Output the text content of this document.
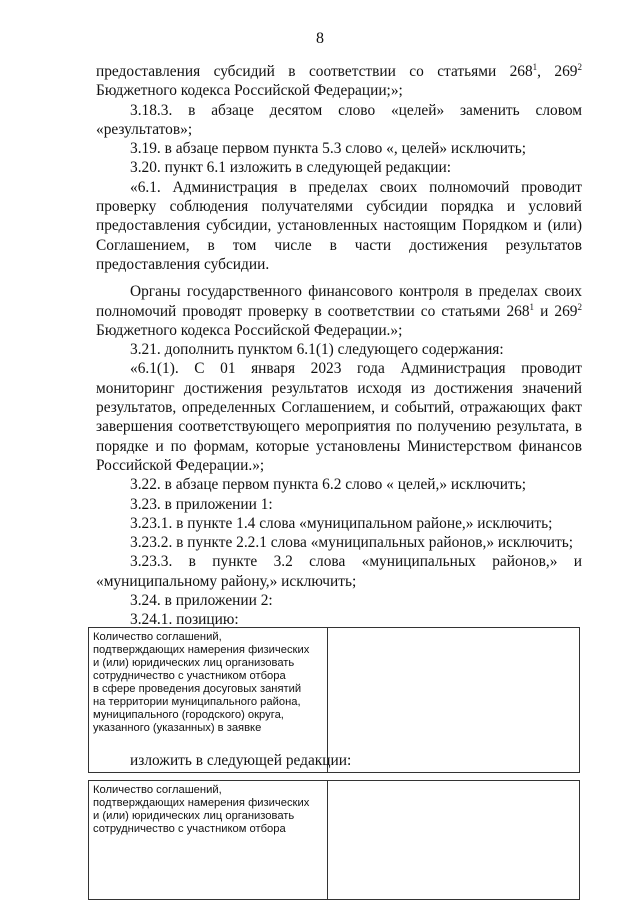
8

предоставления субсидий в соответствии со статьями $268^1$, $269^2$ Бюджетного кодекса Российской Федерации;»;

3.18.3. в абзаце десятом слово «целей» заменить словом «результатов»;

3.19. в абзаце первом пункта 5.3 слово «, целей» исключить;

3.20. пункт 6.1 изложить в следующей редакции:

«6.1. Администрация в пределах своих полномочий проводит проверку соблюдения получателями субсидии порядка и условий предоставления субсидии, установленных настоящим Порядком и (или) Соглашением, в том числе в части достижения результатов предоставления субсидии.

Органы государственного финансового контроля в пределах своих полномочий проводят проверку в соответствии со статьями $268^1$ и $269^2$ Бюджетного кодекса Российской Федерации.»;

3.21. дополнить пунктом 6.1(1) следующего содержания:

«6.1(1). С 01 января 2023 года Администрация проводит мониторинг достижения результатов исходя из достижения значений результатов, определенных Соглашением, и событий, отражающих факт завершения соответствующего мероприятия по получению результата, в порядке и по формам, которые установлены Министерством финансов Российской Федерации.»;

3.22. в абзаце первом пункта 6.2 слово « целей,» исключить;

3.23. в приложении 1:

3.23.1. в пункте 1.4 слова «муниципальном районе,» исключить;

3.23.2. в пункте 2.2.1 слова «муниципальных районов,» исключить;

3.23.3. в пункте 3.2 слова «муниципальных районов,» и «муниципальному району,» исключить;

3.24. в приложении 2:

3.24.1. позицию:

Количество соглашений,
подтверждающих намерения физических
и (или) юридических лиц организовать
сотрудничество с участником отбора
в сфере проведения досуговых занятий
на территории муниципального района,
муниципального (городского) округа,
указанного (указанных) в заявке	
изложить в следующей редакции:
Количество соглашений,
подтверждающих намерения физических
и (или) юридических лиц организовать
сотрудничество с участником отбора	
